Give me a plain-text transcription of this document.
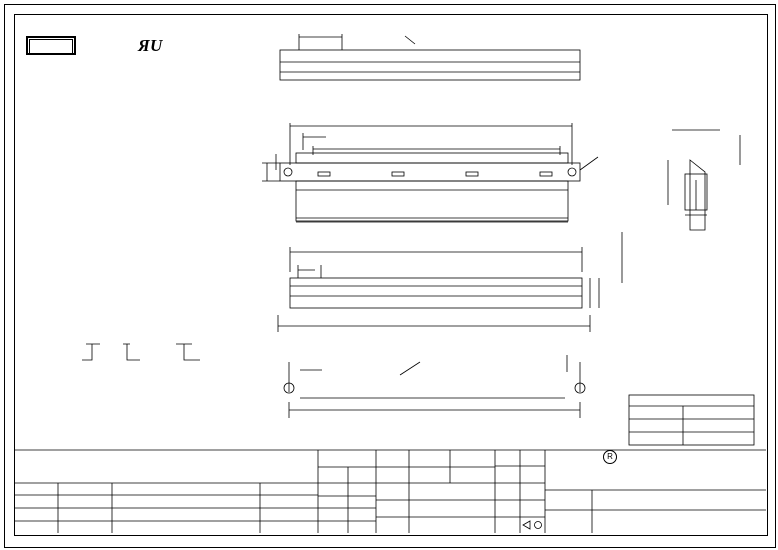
Я U
R
